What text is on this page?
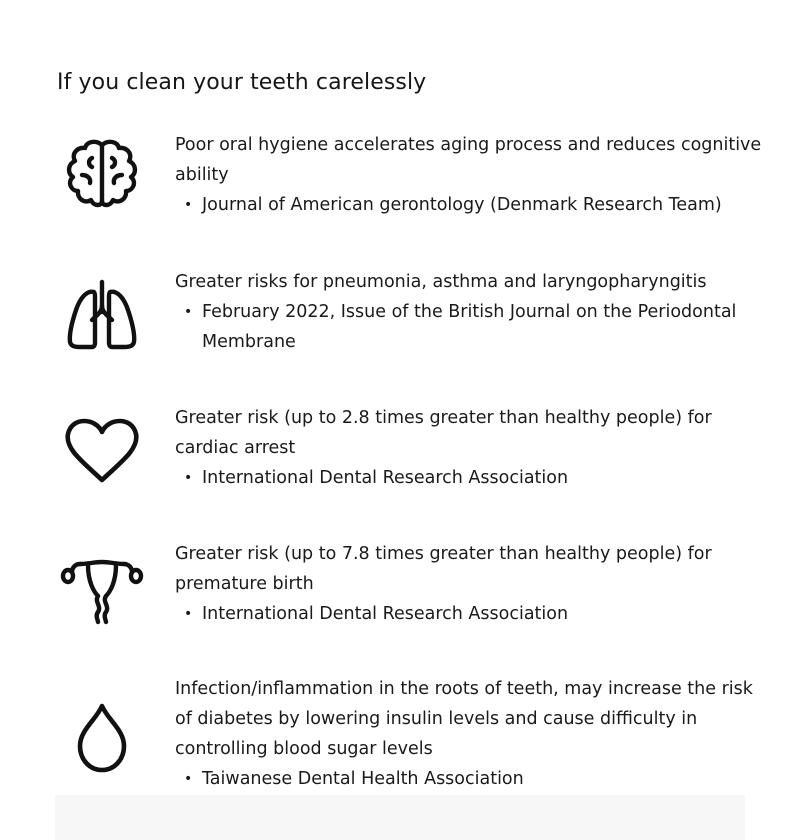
If you clean your teeth carelessly

Poor oral hygiene accelerates aging process and reduces cognitive ability

• Journal of American gerontology (Denmark Research Team)

Greater risks for pneumonia, asthma and laryngopharyngitis

• February 2022, Issue of the British Journal on the Periodontal Membrane

Greater risk (up to 2.8 times greater than healthy people) for cardiac arrest

• International Dental Research Association

Greater risk (up to 7.8 times greater than healthy people) for premature birth

• International Dental Research Association

Infection/inflammation in the roots of teeth, may increase the risk of diabetes by lowering insulin levels and cause difficulty in controlling blood sugar levels

• Taiwanese Dental Health Association
